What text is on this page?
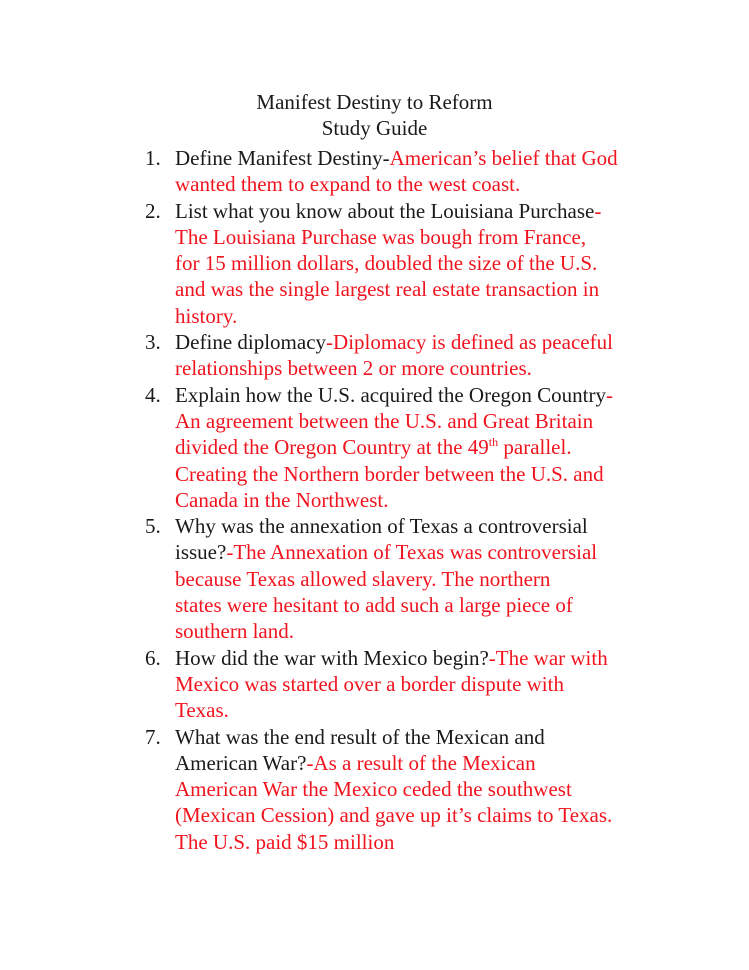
Manifest Destiny to Reform
Study Guide
1. Define Manifest Destiny-American’s belief that God
wanted them to expand to the west coast.
2. List what you know about the Louisiana Purchase-
The Louisiana Purchase was bough from France,
for 15 million dollars, doubled the size of the U.S.
and was the single largest real estate transaction in
history.
3. Define diplomacy-Diplomacy is defined as peaceful
relationships between 2 or more countries.
4. Explain how the U.S. acquired the Oregon Country-
An agreement between the U.S. and Great Britain
divided the Oregon Country at the 49th parallel.
Creating the Northern border between the U.S. and
Canada in the Northwest.
5. Why was the annexation of Texas a controversial
issue?-The Annexation of Texas was controversial
because Texas allowed slavery. The northern
states were hesitant to add such a large piece of
southern land.
6. How did the war with Mexico begin?-The war with
Mexico was started over a border dispute with
Texas.
7. What was the end result of the Mexican and
American War?-As a result of the Mexican
American War the Mexico ceded the southwest
(Mexican Cession) and gave up it’s claims to Texas.
The U.S. paid $15 million
